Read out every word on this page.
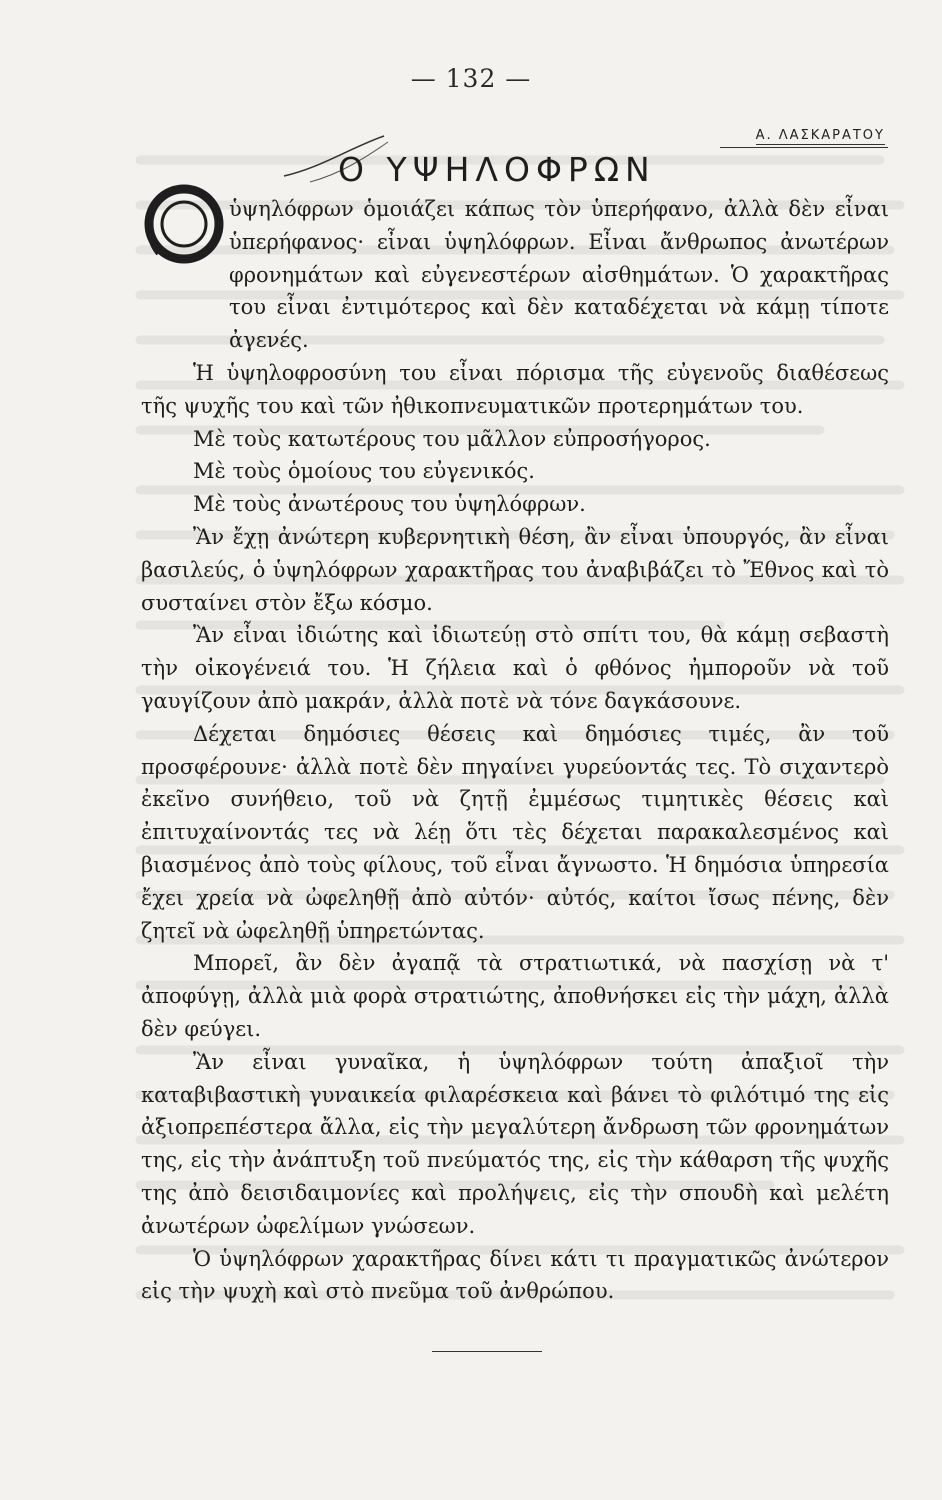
— 132 —
Α. ΛΑΣΚΑΡΑΤΟΥ
Ο ΥΨΗΛΟΦΡΩΝ

ὑψηλόφρων ὁμοιάζει κάπως τὸν ὑπερήφανο, ἀλλὰ δὲν εἶναι ὑπερήφανος· εἶναι ὑψηλόφρων. Εἶναι ἄνθρωπος ἀνωτέρων φρονημάτων καὶ εὐγενεστέρων αἰσθημάτων. Ὁ χαρακτῆρας του εἶναι ἐντιμότερος καὶ δὲν καταδέχεται νὰ κάμῃ τίποτε ἀγενές.

Ἡ ὑψηλοφροσύνη του εἶναι πόρισμα τῆς εὐγενοῦς διαθέσεως τῆς ψυχῆς του καὶ τῶν ἠθικοπνευματικῶν προτερημάτων του.

Μὲ τοὺς κατωτέρους του μᾶλλον εὐπροσήγορος.

Μὲ τοὺς ὁμοίους του εὐγενικός.

Μὲ τοὺς ἀνωτέρους του ὑψηλόφρων.

Ἂν ἔχῃ ἀνώτερη κυβερνητικὴ θέση, ἂν εἶναι ὑπουργός, ἂν εἶναι βασιλεύς, ὁ ὑψηλόφρων χαρακτῆρας του ἀναβιβάζει τὸ Ἔθνος καὶ τὸ συσταίνει στὸν ἔξω κόσμο.

Ἂν εἶναι ἰδιώτης καὶ ἰδιωτεύῃ στὸ σπίτι του, θὰ κάμῃ σεβαστὴ τὴν οἰκογένειά του. Ἡ ζήλεια καὶ ὁ φθόνος ἠμποροῦν νὰ τοῦ γαυγίζουν ἀπὸ μακράν, ἀλλὰ ποτὲ νὰ τόνε δαγκάσουνε.

Δέχεται δημόσιες θέσεις καὶ δημόσιες τιμές, ἂν τοῦ προσφέρουνε· ἀλλὰ ποτὲ δὲν πηγαίνει γυρεύοντάς τες. Τὸ σιχαντερὸ ἐκεῖνο συνήθειο, τοῦ νὰ ζητῇ ἐμμέσως τιμητικὲς θέσεις καὶ ἐπιτυχαίνοντάς τες νὰ λέῃ ὅτι τὲς δέχεται παρακαλεσμένος καὶ βιασμένος ἀπὸ τοὺς φίλους, τοῦ εἶναι ἄγνωστο. Ἡ δημόσια ὑπηρεσία ἔχει χρεία νὰ ὠφεληθῇ ἀπὸ αὐτόν· αὐτός, καίτοι ἴσως πένης, δὲν ζητεῖ νὰ ὠφεληθῇ ὑπηρετώντας.

Μπορεῖ, ἂν δὲν ἀγαπᾷ τὰ στρατιωτικά, νὰ πασχίσῃ νὰ τ' ἀποφύγῃ, ἀλλὰ μιὰ φορὰ στρατιώτης, ἀποθνήσκει εἰς τὴν μάχη, ἀλλὰ δὲν φεύγει.

Ἂν εἶναι γυναῖκα, ἡ ὑψηλόφρων τούτη ἀπαξιοῖ τὴν καταβιβαστικὴ γυναικεία φιλαρέσκεια καὶ βάνει τὸ φιλότιμό της εἰς ἀξιοπρεπέστερα ἄλλα, εἰς τὴν μεγαλύτερη ἄνδρωση τῶν φρονημάτων της, εἰς τὴν ἀνάπτυξη τοῦ πνεύματός της, εἰς τὴν κάθαρση τῆς ψυχῆς της ἀπὸ δεισιδαιμονίες καὶ προλήψεις, εἰς τὴν σπουδὴ καὶ μελέτη ἀνωτέρων ὠφελίμων γνώσεων.

Ὁ ὑψηλόφρων χαρακτῆρας δίνει κάτι τι πραγματικῶς ἀνώτερον εἰς τὴν ψυχὴ καὶ στὸ πνεῦμα τοῦ ἀνθρώπου.
